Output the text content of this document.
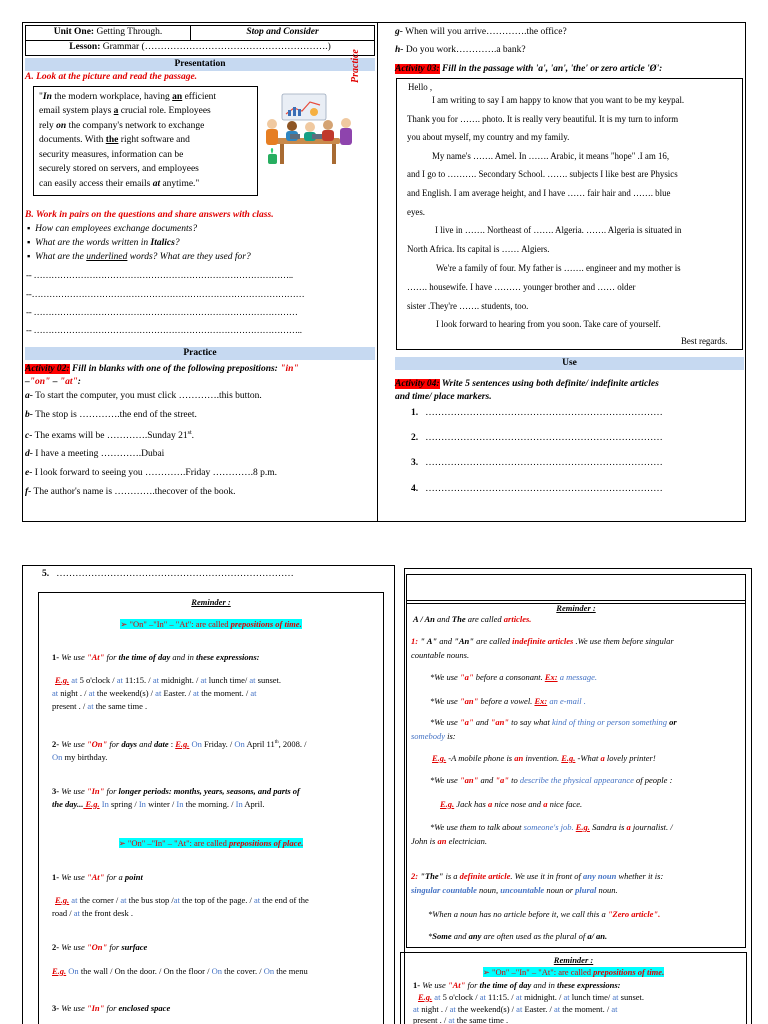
Unit One: Getting Through.	Stop and Consider
Lesson: Grammar (………………………………………………….)
Presentation	Practice
A. Look at the picture and read the passage.
"In the modern workplace, having an efficient
email system plays a crucial role. Employees
rely on the company's network to exchange
documents. With the right software and
security measures, information can be
securely stored on servers, and employees
can easily access their emails at anytime."
B. Work in pairs on the questions and share answers with class.
▪  How can employees exchange documents?
▪  What are the words written in Italics?
▪  What are the underlined words? What are they used for?
-- ……………………………………………………………………………..
--…………………………………………………………………………………
-- ………………………………………………………………………………
-- ………………………………………………………………………………..
Practice
Activity 02: Fill in blanks with one of the following prepositions: "in"
–"on" – "at":
a- To start the computer, you must click ………….this button.
b- The stop is ………….the end of the street.
c- The exams will be ………….Sunday 21st.
d- I have a meeting ………….Dubai
e- I look forward to seeing you ………….Friday ………….8 p.m.
f- The author's name is ………….thecover of the book.
g- When will you arrive………….the office?
h- Do you work………….a bank?
Activity 03: Fill in the passage with 'a', 'an', 'the' or zero article 'Ø':
Hello ,
I am writing to say I am happy to know that you want to be my keypal.
Thank you for ……. photo. It is really very beautiful. It is my turn to inform
you about myself, my country and my family.
My name's ……. Amel. In ……. Arabic, it means "hope" .I am 16,
and I go to ………. Secondary School. ……. subjects I like best are Physics
and English. I am average height, and I have …… fair hair and ……. blue
eyes.
I live in ……. Northeast of ……. Algeria. ……. Algeria is situated in
North Africa. Its capital is …… Algiers.
We're a family of four. My father is ……. engineer and my mother is
……. housewife. I have ……… younger brother and …… older
sister .They're ……. students, too.
I look forward to hearing from you soon. Take care of yourself.
Best regards.
Use
Activity 04: Write 5 sentences using both definite/ indefinite articles
and time/ place markers.
1. …………………………………………………………………
2. …………………………………………………………………
3. …………………………………………………………………
4. …………………………………………………………………
5. …………………………………………………………………
Reminder :
➢ "On" –"In" – "At": are called prepositions of time.
1- We use "At" for the time of day and in these expressions:
E.g. at 5 o'clock / at 11:15. / at midnight. / at lunch time/ at sunset.
at night . / at the weekend(s) / at Easter. / at the moment. / at
present . / at the same time .
2- We use "On" for days and date : E.g. On Friday. / On April 11th, 2008. /
On my birthday.
3- We use "In" for longer periods: months, years, seasons, and parts of
the day... E.g. In spring / In winter / In the morning. / In April.
➢ "On" –"In" – "At": are called prepositions of place.
1- We use "At" for a point
E.g. at the corner / at the bus stop /at the top of the page. / at the end of the
road / at the front desk .
2- We use "On" for surface
E.g. On the wall / On the door. / On the floor / On the cover. / On the menu
3- We use "In" for enclosed space
Reminder :
A / An and The are called articles.
1: " A" and "An" are called indefinite articles .We use them before singular
countable nouns.
*We use "a" before a consonant. Ex: a message.
*We use "an" before a vowel. Ex: an e-mail .
*We use "a" and "an" to say what kind of thing or person something or
somebody is:
E.g. -A mobile phone is an invention. E.g. -What a lovely printer!
*We use "an" and "a" to describe the physical appearance of people :
E.g. Jack has a nice nose and a nice face.
*We use them to talk about someone's job. E.g. Sandra is a journalist. /
John is an electrician.
2: "The" is a definite article. We use it in front of any noun whether it is:
singular countable noun, uncountable noun or plural noun.
*When a noun has no article before it, we call this a "Zero article".
*Some and any are often used as the plural of a/ an.
Reminder :
➢ "On" –"In" – "At": are called prepositions of time.
1- We use "At" for the time of day and in these expressions:
E.g. at 5 o'clock / at 11:15. / at midnight. / at lunch time/ at sunset.
at night . / at the weekend(s) / at Easter. / at the moment. / at
present . / at the same time .
